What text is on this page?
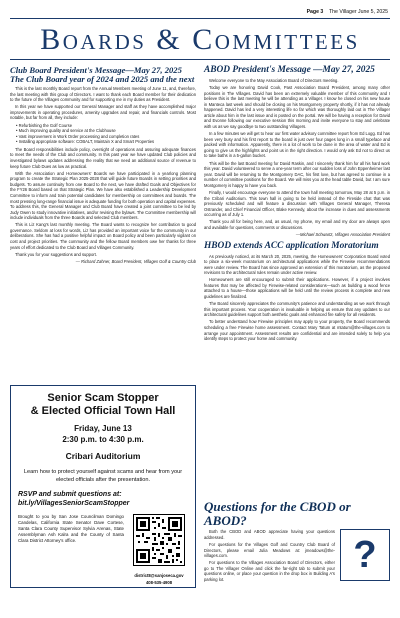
Page 3 The Villager June 5, 2025
Boards & Committees
Club Board President's Message—May 27, 2025 The Club Board year of 2024 and 2025 and the next

This is the last monthly Board report from the Annual Members meeting of June 11, and, therefore, the last meeting with this group of Directors. I want to thank each Board member for their dedication to the future of the Villages community and for supporting me in my duties as President.

In this year we have supported our General Manager and staff as they have accomplished major improvements in operating procedures, amenity upgrades and repair, and financials controls. Most notable, but far from all, they include:

• Refurbishing the Golf Course
• Much improving quality and service at the Clubhouse
• Vast improvement in Work Order processing and completion rates
• Installing appropriate software: COBALT, Maintain X and Smart Properties

The Board responsibilities include policy, oversight of operations and assuring adequate finances to meet the needs of the Club and community. In this past year we have updated Club policies and investigated bylaws updates addressing the reality that we need an additional source of revenue to keep future Club Dues as low as practical.

With the Association and Homeowners' Boards we have participated in a yearlong planning program to create the Strategic Plan 2025-2028 that will guide future Boards in setting priorities and budgets. To assure continuity from one Board to the next, we have drafted Goals and Objectives for the FY26 Board based on that Strategic Plan. We have also established a Leadership Development Committee to inform and train potential candidates for membership on committees and boards. The most pressing long-range financial issue is adequate funding for both operation and capital expenses. To address this, the General Manager and Club Board have created a joint committee to be led by Judy Owen to study innovative initiatives, and/or revising the bylaws. The Committee membership will include individuals from the three Boards and selected Club members.

This is Liz Kang's last monthly meeting. The Board wants to recognize her contribution to good governance. Seldom at loss for words, Liz has provided an important voice for the community in our deliberations. She has had a positive helpful impact on Board policy and been particularly vigilant on cost and project priorities. The community and the fellow Board members owe her thanks for three years of effort dedicated to the Club Board and Villages Community.

Thank you for your suggestions and support.

— Richard Zahner, Board President, Villages Golf & Country Club

Senior Scam Stopper
& Elected Official Town Hall
Friday, June 13
2:30 p.m. to 4:30 p.m.
Cribari Auditorium
Learn how to protect yourself against scams and hear from your elected officials after the presentation.
RSVP and submit questions at:
bit.ly/VillagesSeniorScamStopper
Brought to you by San Jose Councilman Domingo Candelas, California State Senator Dave Cortese, Santa Clara County Supervisor Sylvia Arenas, State Assemblyman Ash Kalra and the County of Santa Clara District Attorney's office.
district8@sanjoseca.gov
408-535-4908
ABOD President's Message —May 27, 2025

Welcome everyone to the May Association Board of Directors meeting.

Today we are honoring David Cook, Past Association Board President, among many other positions in The Villages. David has been an extremely valuable member of this community and I believe this is the last meeting he will be attending as a Villager. I know he closed on his new house in Manteca last week and should be closing on his Montgomery property shortly, if it has not already happened. David has led a very interesting life so far which was thoroughly laid out in The Villager article about him in the last issue and is posted on the portal. We will be having a reception for David and Evonne following our executive session this morning and invite everyone to stay and celebrate with us as we say goodbye to two outstanding Villagers.

In a few minutes we will get to hear our first water advisory committee report from Ed Logg. Ed has been very busy and his first report to the board is just over four pages long in a small typeface and packed with information. Apparently, there is a lot of work to be done in the area of water and Ed is going to give us the highlights and point us in the right direction. I would only ask Ed not to direct us to take baths in a 5-gallon bucket.

This will be the last Board meeting for David Raskin, and I sincerely thank him for all his hard work this year. David volunteered to serve a one-year term after our sudden loss of John Eppenheimer last year. David will be returning to the Montgomery DAC, his first love, but has agreed to continue in a number of committee positions for the Board. We will miss you at the head table David, but I am sure Montgomery is happy to have you back.

Finally, I would encourage everyone to attend the town hall meeting tomorrow, May 28 at 5 p.m. in the Cribari Auditorium. This town hall is going to be held instead of the Fireside chat that was previously scheduled and will feature a discussion with Villages General Manager, Theresa Ostrander, and Chief Financial Officer, Blake Kennedy, about the increase in dues and assessments occurring as of July 1.

Thank you all for being here, and, as usual, my phone, my email and my door are always open and available for questions, comments or discussions.

—Michael Schwartz, Villages Association President

HBOD extends ACC application Moratorium

As previously noticed, at its March 20, 2025, meeting, the Homeowners' Corporation Board voted to place a six-week moratorium on architectural applications while the Firewise recommendations were under review. The Board has since approved an extension of this moratorium, as the proposed revisions to the architectural rules remain under active review.

Homeowners are still encouraged to submit their applications. However, if a project involves features that may be affected by Firewise-related considerations—such as building a wood fence attached to a house—those applications will be held until the review process is complete and new guidelines are finalized.

The Board sincerely appreciates the community's patience and understanding as we work through this important process. Your cooperation is invaluable in helping us ensure that any updates to our architectural guidelines support both aesthetic goals and enhanced fire safety for all residents.

To better understand how Firewise principles may apply to your property, the Board recommends scheduling a free Firewise home assessment. Contact Mary Tatum at mtatum@the-villages.com to arrange your appointment. Assessment results are confidential and are intended solely to help you identify steps to protect your home and community.

Questions for the CBOD or ABOD?

Both the CBOD and ABOD appreciate having your questions addressed.

For questions for the Villages Golf and Country Club Board of Directors, please email Julia Meadows at: jmeadows@the-villages.com.

For questions to the Villages Association Board of Directors, either go to The Villager Online and click the far-right tab to submit your questions online, or place your question in the drop box in Building A's parking lot.

?
